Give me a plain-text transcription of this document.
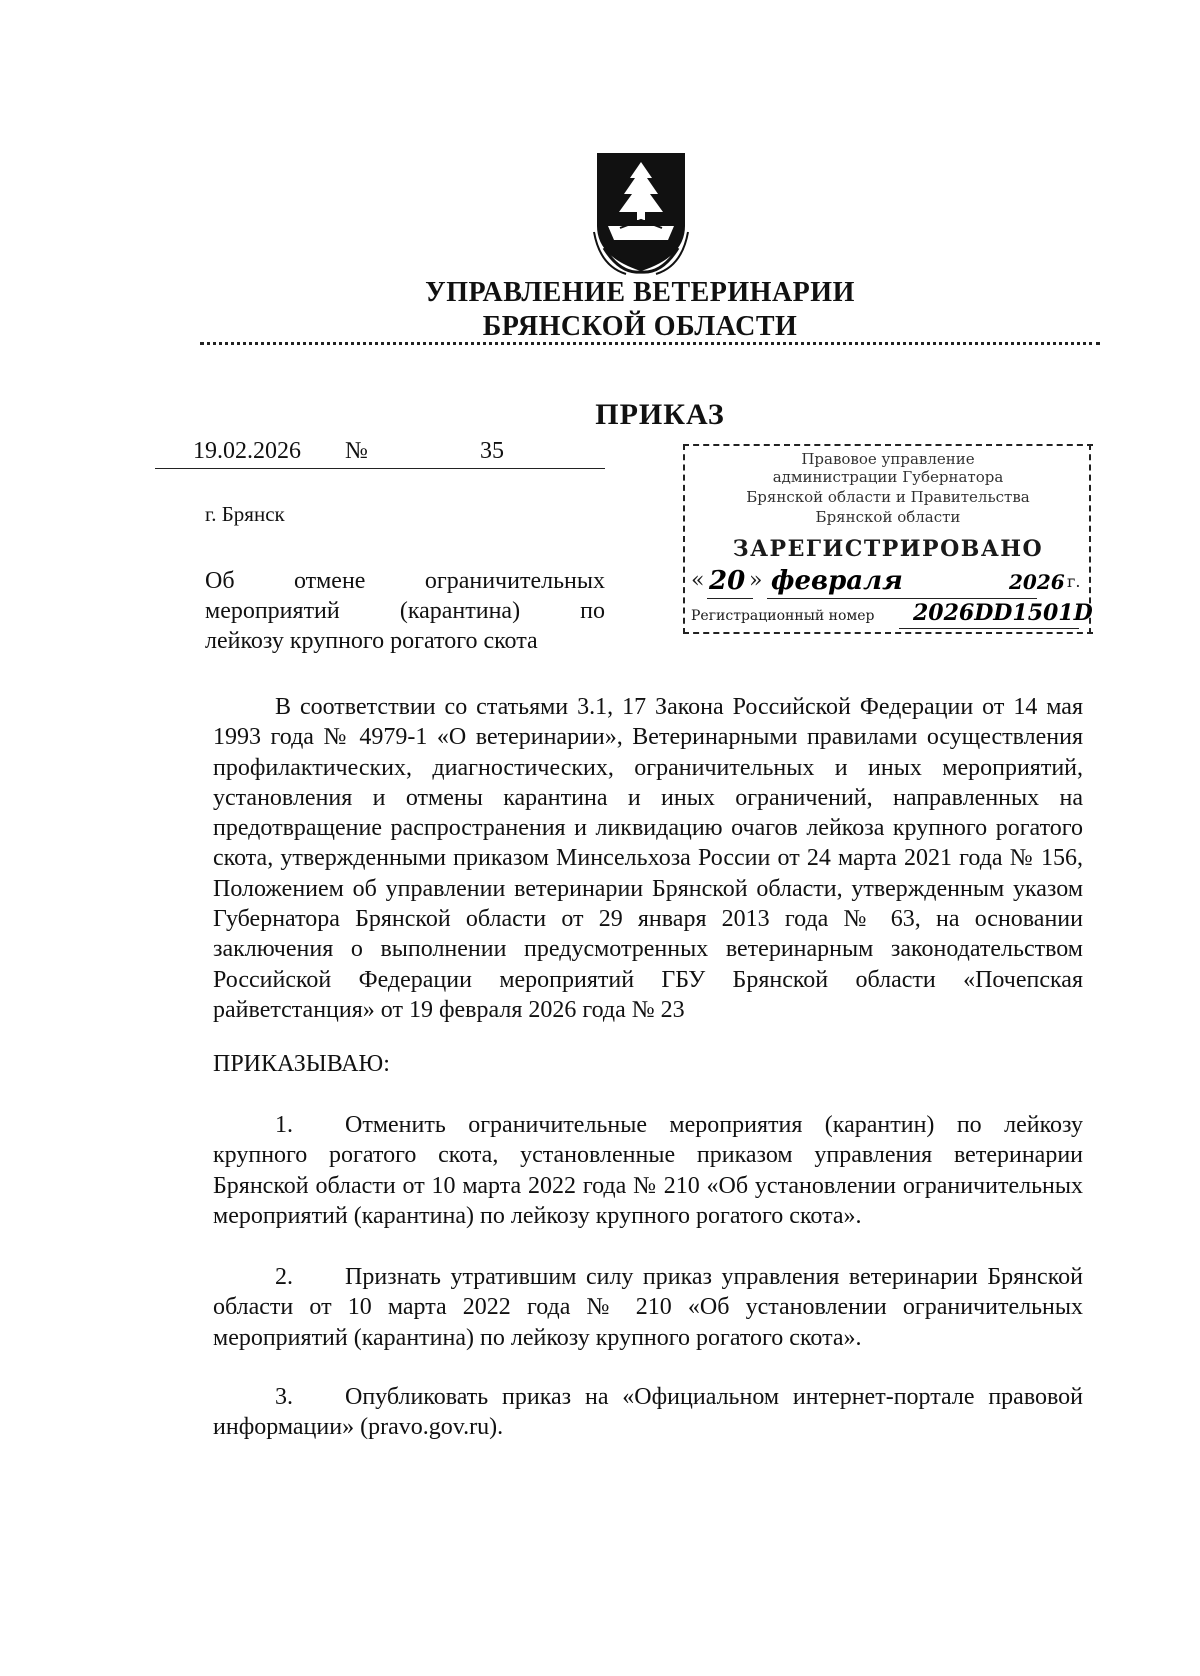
УПРАВЛЕНИЕ ВЕТЕРИНАРИИ
БРЯНСКОЙ ОБЛАСТИ
ПРИКАЗ
19.02.2026 №	35
г. Брянск
Об отмене ограничительных
мероприятий (карантина) по
лейкозу крупного рогатого скота
Правовое управление
администрации Губернатора
Брянской области и Правительства
Брянской области
ЗАРЕГИСТРИРОВАНО
« 20 » февраля	2026 г.
Регистрационный номер 2026DD1501D
В соответствии со статьями 3.1, 17 Закона Российской Федерации от 14 мая 1993 года № 4979-1 «О ветеринарии», Ветеринарными правилами осуществления профилактических, диагностических, ограничительных и иных мероприятий, установления и отмены карантина и иных ограничений, направленных на предотвращение распространения и ликвидацию очагов лейкоза крупного рогатого скота, утвержденными приказом Минсельхоза России от 24 марта 2021 года № 156, Положением об управлении ветеринарии Брянской области, утвержденным указом Губернатора Брянской области от 29 января 2013 года № 63, на основании заключения о выполнении предусмотренных ветеринарным законодательством Российской Федерации мероприятий ГБУ Брянской области «Почепская райветстанция» от 19 февраля 2026 года № 23
ПРИКАЗЫВАЮ:
1. Отменить ограничительные мероприятия (карантин) по лейкозу крупного рогатого скота, установленные приказом управления ветеринарии Брянской области от 10 марта 2022 года № 210 «Об установлении ограничительных мероприятий (карантина) по лейкозу крупного рогатого скота».
2. Признать утратившим силу приказ управления ветеринарии Брянской области от 10 марта 2022 года № 210 «Об установлении ограничительных мероприятий (карантина) по лейкозу крупного рогатого скота».
3. Опубликовать приказ на «Официальном интернет-портале правовой информации» (pravo.gov.ru).
